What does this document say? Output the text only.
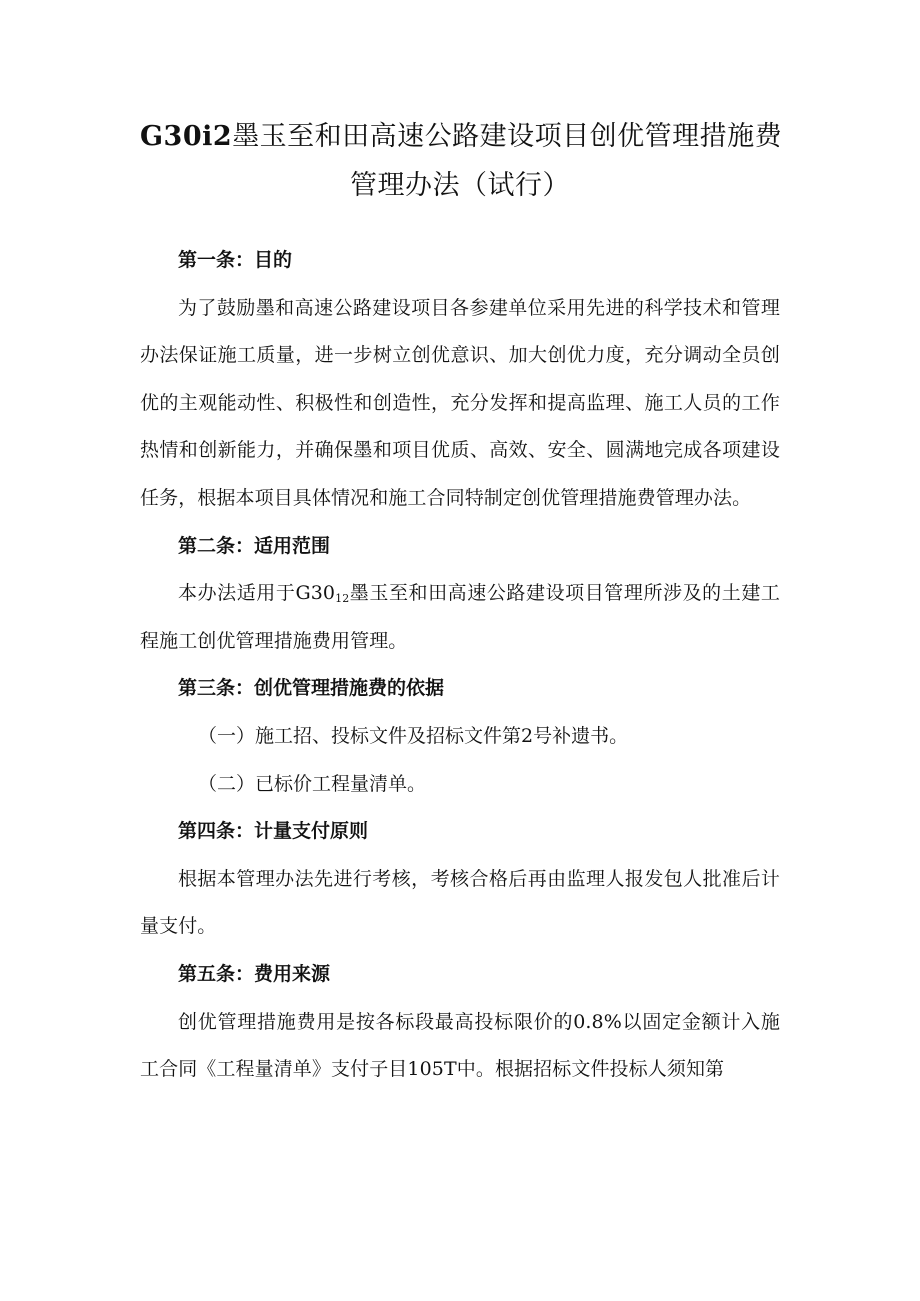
G30i2墨玉至和田高速公路建设项目创优管理措施费
管理办法（试行）

第一条：目的

为了鼓励墨和高速公路建设项目各参建单位采用先进的科学技术和管理办法保证施工质量，进一步树立创优意识、加大创优力度，充分调动全员创优的主观能动性、积极性和创造性，充分发挥和提高监理、施工人员的工作热情和创新能力，并确保墨和项目优质、高效、安全、圆满地完成各项建设任务，根据本项目具体情况和施工合同特制定创优管理措施费管理办法。

第二条：适用范围

本办法适用于$G30_{12}$墨玉至和田高速公路建设项目管理所涉及的土建工程施工创优管理措施费用管理。

第三条：创优管理措施费的依据

（一）施工招、投标文件及招标文件第2号补遗书。

（二）已标价工程量清单。

第四条：计量支付原则

根据本管理办法先进行考核，考核合格后再由监理人报发包人批准后计量支付。

第五条：费用来源

创优管理措施费用是按各标段最高投标限价的0.8%以固定金额计入施工合同《工程量清单》支付子目105T中。根据招标文件投标人须知第
